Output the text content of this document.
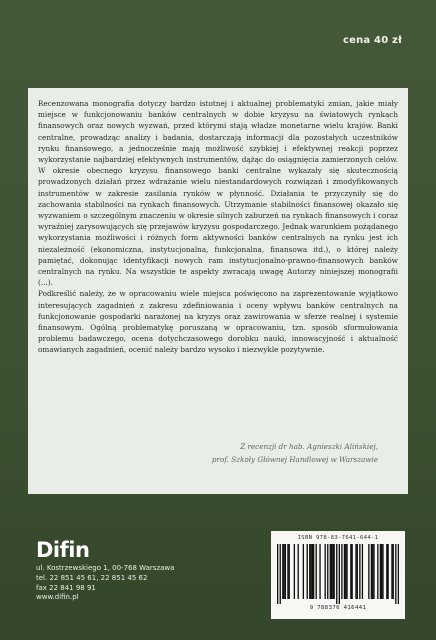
cena 40 zł

Recenzowana monografia dotyczy bardzo istotnej i aktualnej problematyki zmian, jakie miały miejsce w funkcjonowaniu banków centralnych w dobie kryzysu na światowych rynkach finansowych oraz nowych wyzwań, przed którymi stają władze monetarne wielu krajów. Banki centralne, prowadząc analizy i badania, dostarczają informacji dla pozostałych uczestników rynku finansowego, a jednocześnie mają możliwość szybkiej i efektywnej reakcji poprzez wykorzystanie najbardziej efektywnych instrumentów, dążąc do osiągnięcia zamierzonych celów. W okresie obecnego kryzysu finansowego banki centralne wykazały się skutecznością prowadzonych działań przez wdrażanie wielu niestandardowych rozwiązań i zmodyfikowanych instrumentów w zakresie zasilania rynków w płynność. Działania te przyczyniły się do zachowania stabilności na rynkach finansowych. Utrzymanie stabilności finansowej okazało się wyzwaniem o szczególnym znaczeniu w okresie silnych zaburzeń na rynkach finansowych i coraz wyraźniej zarysowujących się przejawów kryzysu gospodarczego. Jednak warunkiem pożądanego wykorzystania możliwości i różnych form aktywności banków centralnych na rynku jest ich niezależność (ekonomiczna, instytucjonalna, funkcjonalna, finansowa itd.), o której należy pamiętać, dokonując identyfikacji nowych ram instytucjonalno-prawno-finansowych banków centralnych na rynku. Na wszystkie te aspekty zwracają uwagę Autorzy niniejszej monografii (...).

Podkreślić należy, że w opracowaniu wiele miejsca poświęcono na zaprezentowanie wyjątkowo interesujących zagadnień z zakresu zdefiniowania i oceny wpływu banków centralnych na funkcjonowanie gospodarki narażonej na kryzys oraz zawirowania w sferze realnej i systemie finansowym. Ogólną problematykę poruszaną w opracowaniu, tzn. sposób sformułowania problemu badawczego, ocena dotychczasowego dorobku nauki, innowacyjność i aktualność omawianych zagadnień, ocenić należy bardzo wysoko i niezwykle pozytywnie.

Z recenzji dr hab. Agnieszki Alińskiej,
prof. Szkoły Głównej Handlowej w Warszawie
Difin
ul. Kostrzewskiego 1, 00-768 Warszawa
tel. 22 851 45 61, 22 851 45 62
fax 22 841 98 91
www.difin.pl
ISBN 978-83-7641-644-1
9 788376 416441
